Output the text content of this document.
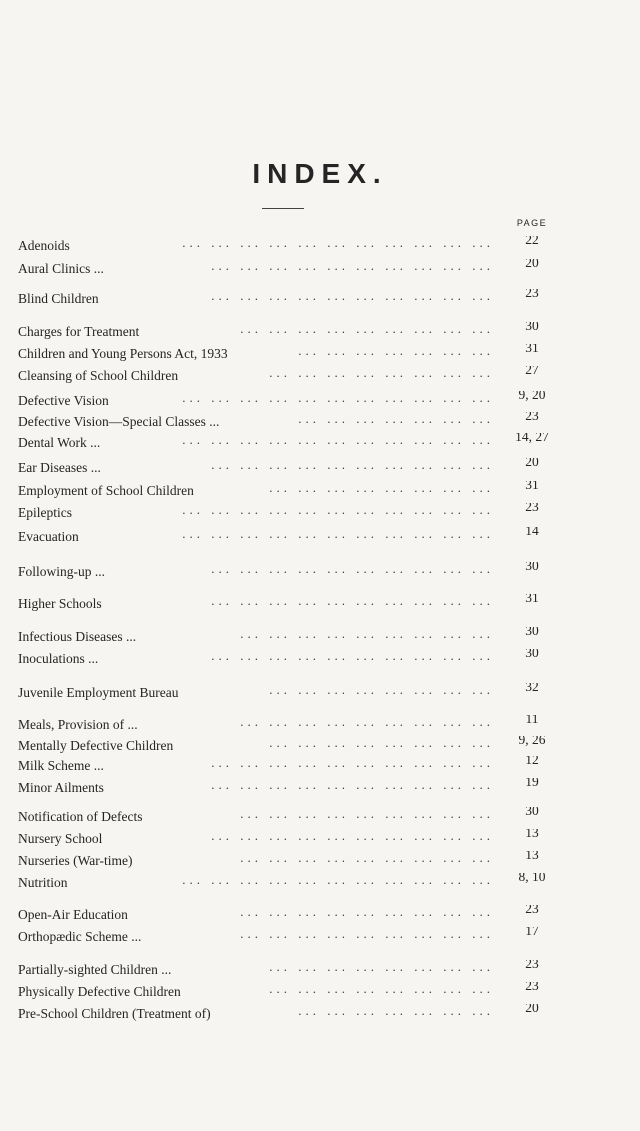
INDEX.
PAGE
Adenoids	... ... ... ... ... ... ... ... ... ... ...	22
Aural Clinics ...	... ... ... ... ... ... ... ... ... ...	20
Blind Children	... ... ... ... ... ... ... ... ... ...	23
Charges for Treatment	... ... ... ... ... ... ... ... ...	30
Children and Young Persons Act, 1933	... ... ... ... ... ... ...	31
Cleansing of School Children	... ... ... ... ... ... ... ...	27
Defective Vision	... ... ... ... ... ... ... ... ... ... ...	9, 20
Defective Vision—Special Classes ...	... ... ... ... ... ... ...	23
Dental Work ...	... ... ... ... ... ... ... ... ... ... ...	14, 27
Ear Diseases ...	... ... ... ... ... ... ... ... ... ...	20
Employment of School Children	... ... ... ... ... ... ... ...	31
Epileptics	... ... ... ... ... ... ... ... ... ... ...	23
Evacuation	... ... ... ... ... ... ... ... ... ... ...	14
Following-up ...	... ... ... ... ... ... ... ... ... ...	30
Higher Schools	... ... ... ... ... ... ... ... ... ...	31
Infectious Diseases ...	... ... ... ... ... ... ... ... ...	30
Inoculations ...	... ... ... ... ... ... ... ... ... ...	30
Juvenile Employment Bureau	... ... ... ... ... ... ... ...	32
Meals, Provision of ...	... ... ... ... ... ... ... ... ...	11
Mentally Defective Children	... ... ... ... ... ... ... ...	9, 26
Milk Scheme ...	... ... ... ... ... ... ... ... ... ...	12
Minor Ailments	... ... ... ... ... ... ... ... ... ...	19
Notification of Defects	... ... ... ... ... ... ... ... ...	30
Nursery School	... ... ... ... ... ... ... ... ... ...	13
Nurseries (War-time)	... ... ... ... ... ... ... ... ...	13
Nutrition	... ... ... ... ... ... ... ... ... ... ...	8, 10
Open-Air Education	... ... ... ... ... ... ... ... ...	23
Orthopædic Scheme ...	... ... ... ... ... ... ... ... ...	17
Partially-sighted Children ...	... ... ... ... ... ... ... ...	23
Physically Defective Children	... ... ... ... ... ... ... ...	23
Pre-School Children (Treatment of)	... ... ... ... ... ... ...	20
